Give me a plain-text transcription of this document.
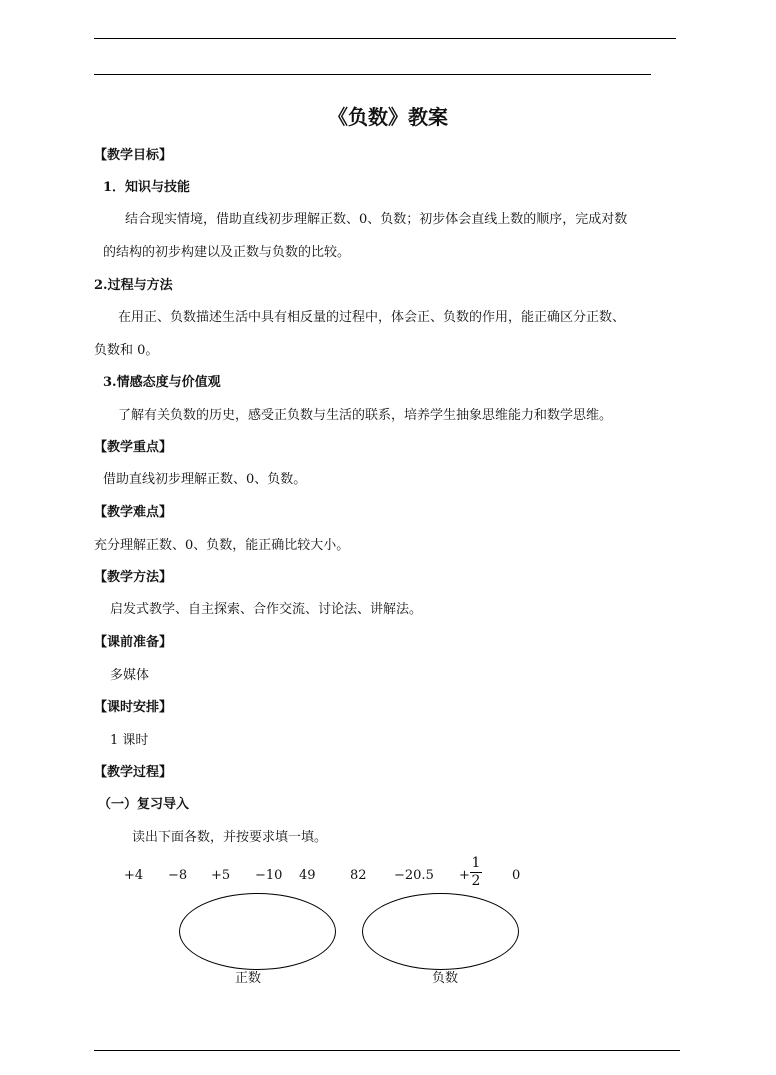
《负数》教案
【教学目标】
1．知识与技能
结合现实情境，借助直线初步理解正数、0、负数；初步体会直线上数的顺序，完成对数
的结构的初步构建以及正数与负数的比较。
2.过程与方法
在用正、负数描述生活中具有相反量的过程中，体会正、负数的作用，能正确区分正数、
负数和 0。
3.情感态度与价值观
了解有关负数的历史，感受正负数与生活的联系，培养学生抽象思维能力和数学思维。
【教学重点】
借助直线初步理解正数、0、负数。
【教学难点】
充分理解正数、0、负数，能正确比较大小。
【教学方法】
启发式教学、自主探索、合作交流、讨论法、讲解法。
【课前准备】
多媒体
【课时安排】
1 课时
【教学过程】
（一）复习导入
读出下面各数，并按要求填一填。
+4 −8 +5 −10 49	82 −20.5 +
1
2 0
正数	负数
